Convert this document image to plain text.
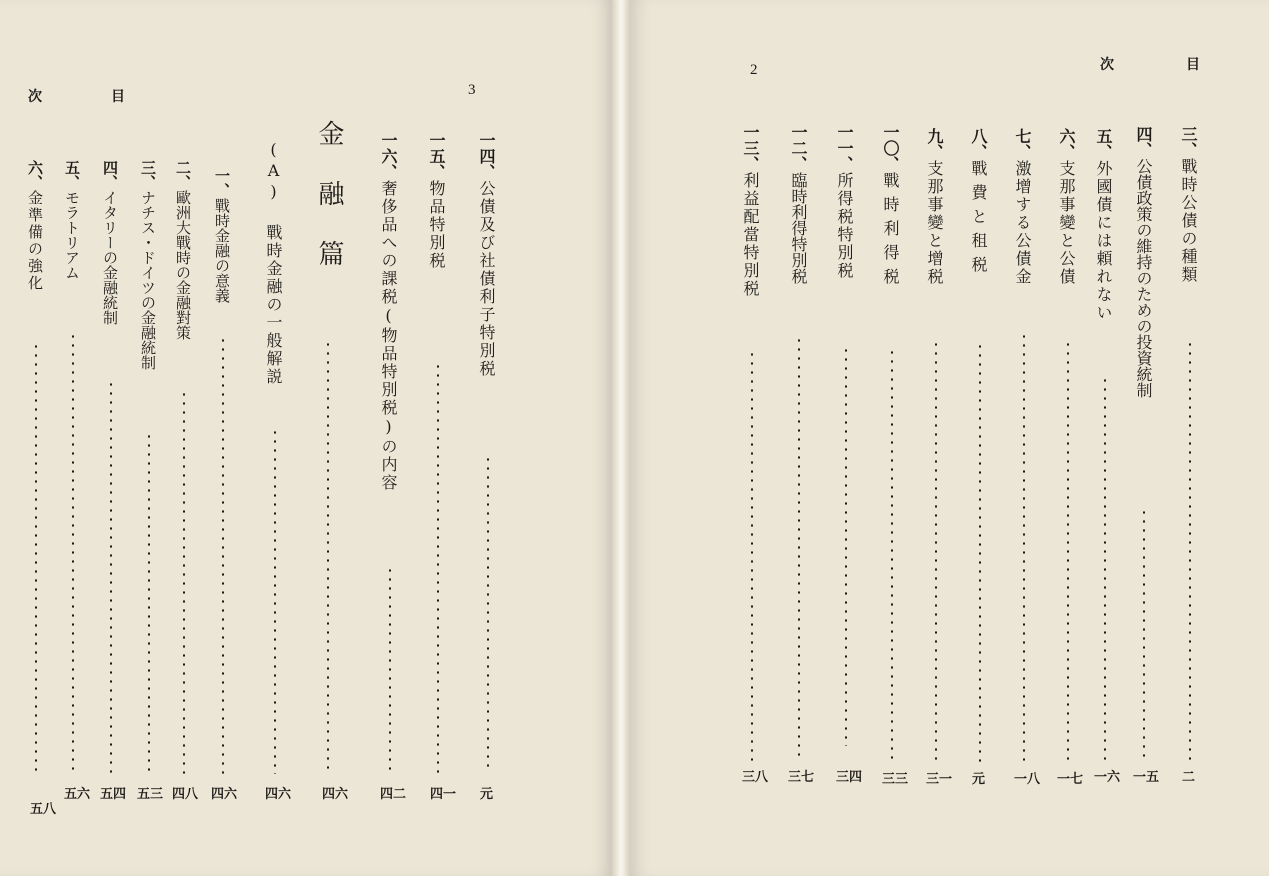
次	目	3
一四、公債及び社債利子特別税
元
一五、物品特別税
四一
一六、奢侈品への課税(物品特別税)の内容
四二
金融篇
四六
(A) 戰時金融の一般解説
四六
一、戰時金融の意義
四六
二、歐洲大戰時の金融對策
四八
三、ナチス・ドイツの金融統制
五三
四、イタリーの金融統制
五四
五、モラトリアム
五六
六、金準備の強化
五八
2	次	目
三、戰時公債の種類
二
四、公債政策の維持のための投資統制
一五
五、外國債には頼れない
一六
六、支那事變と公債
一七
七、激增する公債金
一八
八、戰費と租税
元
九、支那事變と增税
三一
一〇、戰時利得税
三三
一一、所得税特別税
三四
一二、臨時利得特別税
三七
一三、利益配當特別税
三八
